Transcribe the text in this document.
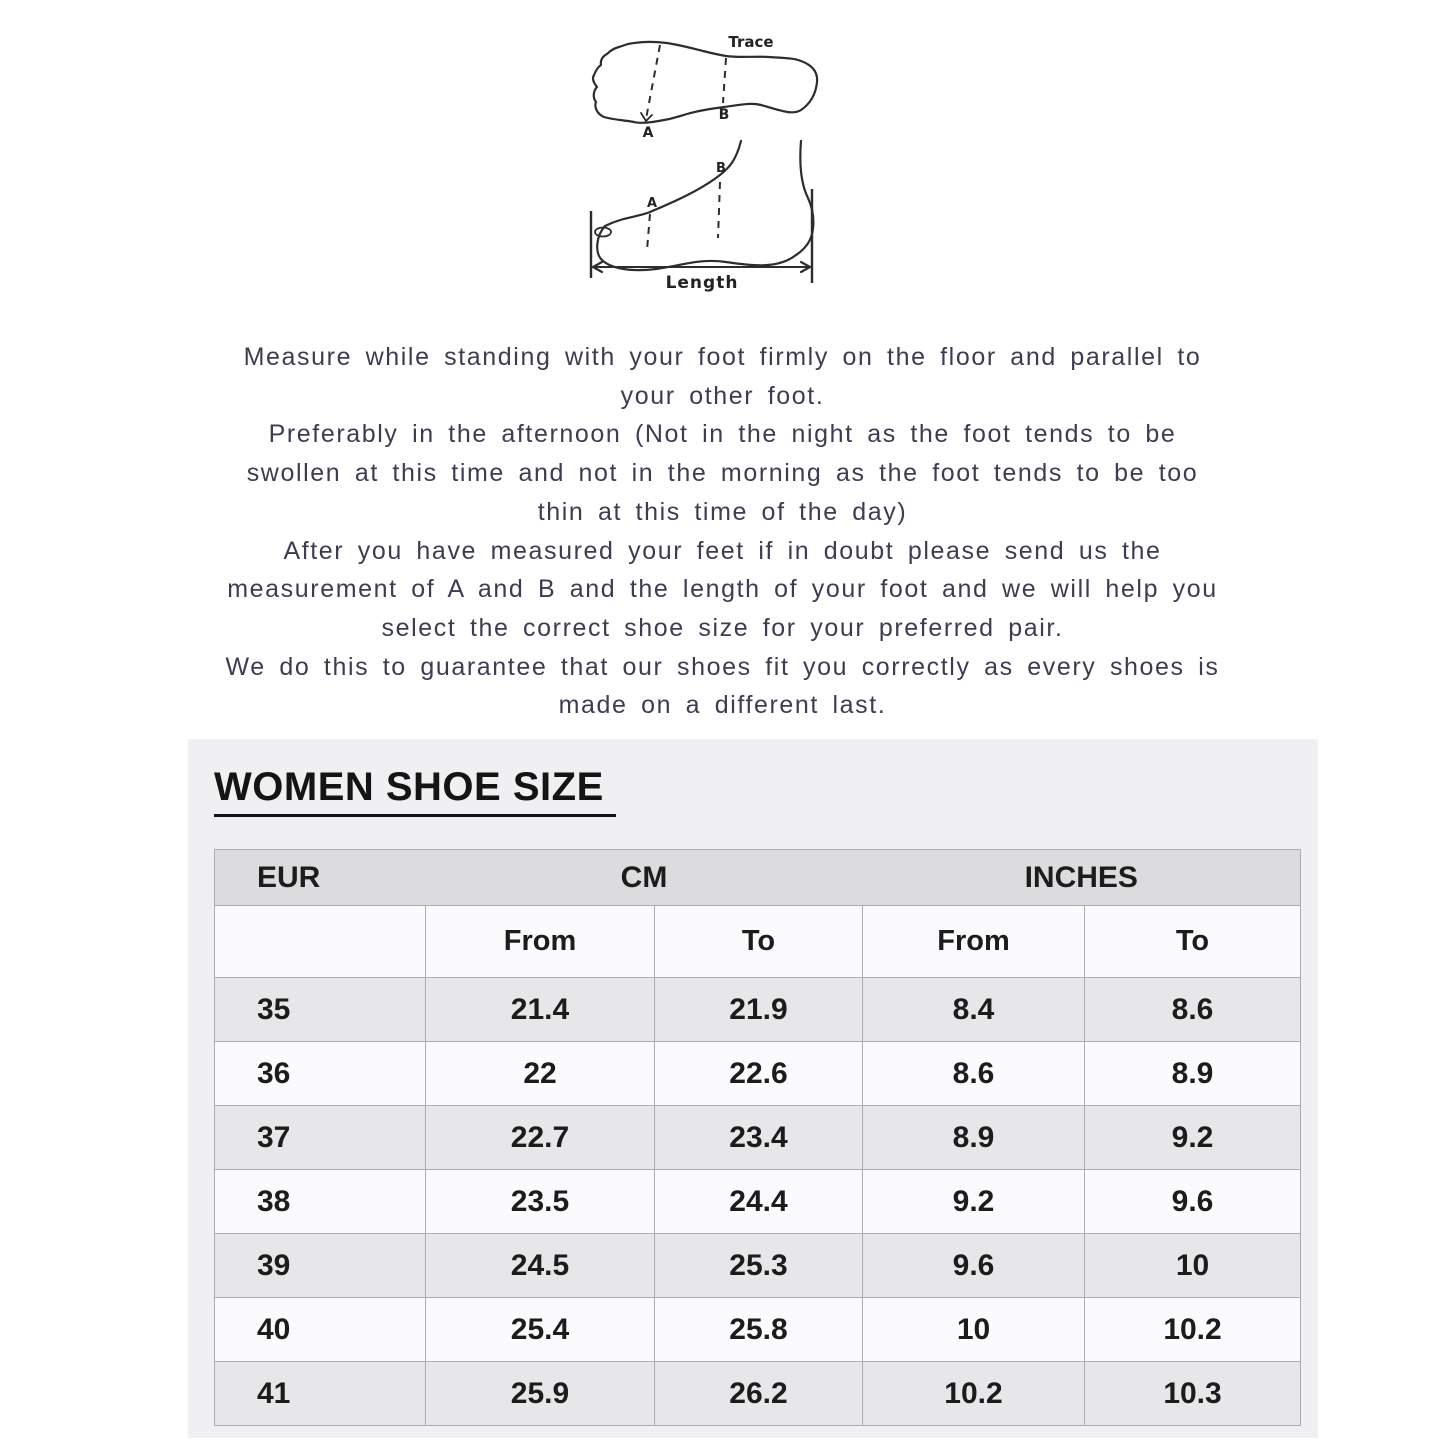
A
B
Trace
A
B
Length
Measure while standing with your foot firmly on the floor and parallel to
your other foot.
Preferably in the afternoon (Not in the night as the foot tends to be
swollen at this time and not in the morning as the foot tends to be too
thin at this time of the day)
After you have measured your feet if in doubt please send us the
measurement of A and B and the length of your foot and we will help you
select the correct shoe size for your preferred pair.
We do this to guarantee that our shoes fit you correctly as every shoes is
made on a different last.
WOMEN SHOE SIZE
EUR	CM		INCHES	
	From	To	From	To
35	21.4	21.9	8.4	8.6
36	22	22.6	8.6	8.9
37	22.7	23.4	8.9	9.2
38	23.5	24.4	9.2	9.6
39	24.5	25.3	9.6	10
40	25.4	25.8	10	10.2
41	25.9	26.2	10.2	10.3
